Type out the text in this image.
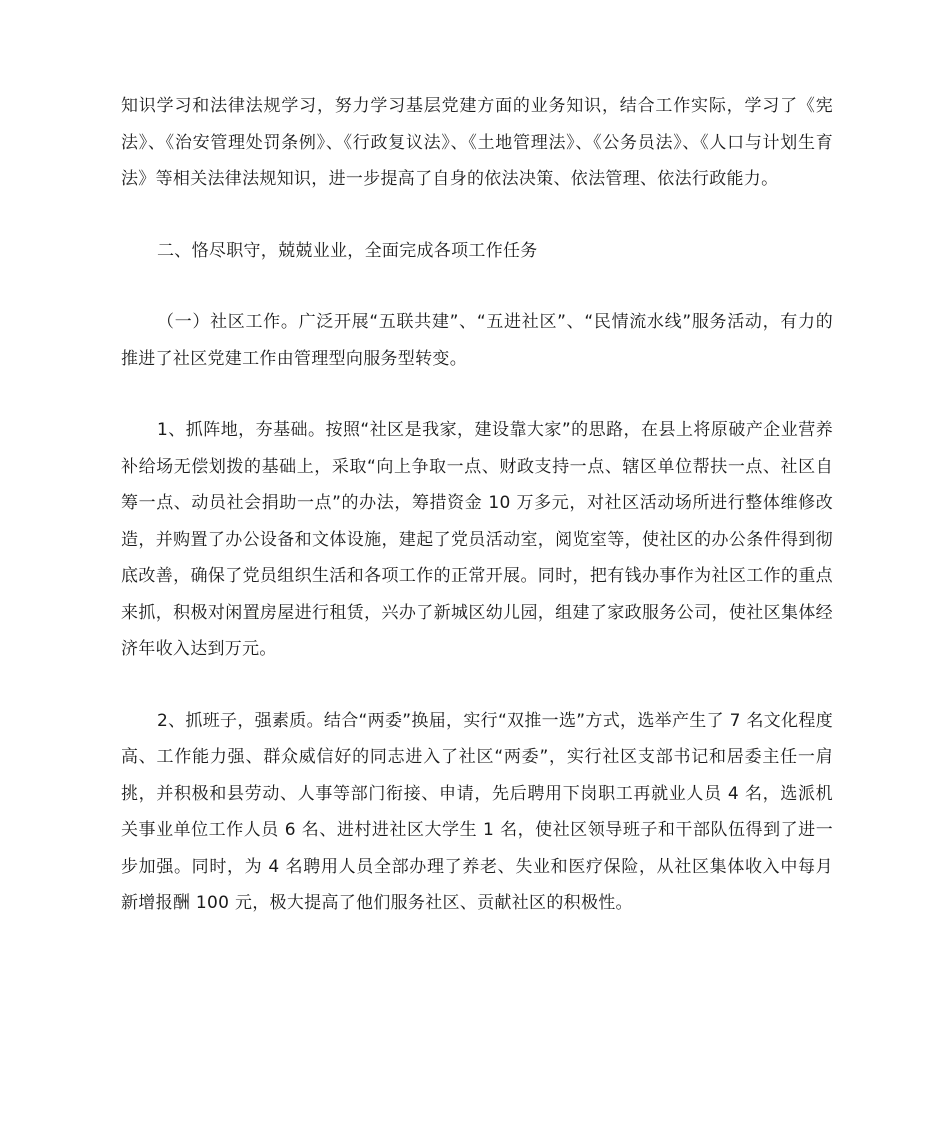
知识学习和法律法规学习，努力学习基层党建方面的业务知识，结合工作实际，学习了《宪法》、《治安管理处罚条例》、《行政复议法》、《土地管理法》、《公务员法》、《人口与计划生育法》等相关法律法规知识，进一步提高了自身的依法决策、依法管理、依法行政能力。

二、恪尽职守，兢兢业业，全面完成各项工作任务

（一）社区工作。广泛开展“五联共建”、“五进社区”、“民情流水线”服务活动，有力的推进了社区党建工作由管理型向服务型转变。

1、抓阵地，夯基础。按照“社区是我家，建设靠大家”的思路，在县上将原破产企业营养补给场无偿划拨的基础上，采取“向上争取一点、财政支持一点、辖区单位帮扶一点、社区自筹一点、动员社会捐助一点”的办法，筹措资金 10 万多元，对社区活动场所进行整体维修改造，并购置了办公设备和文体设施，建起了党员活动室，阅览室等，使社区的办公条件得到彻底改善，确保了党员组织生活和各项工作的正常开展。同时，把有钱办事作为社区工作的重点来抓，积极对闲置房屋进行租赁，兴办了新城区幼儿园，组建了家政服务公司，使社区集体经济年收入达到万元。

2、抓班子，强素质。结合“两委”换届，实行“双推一选”方式，选举产生了 7 名文化程度高、工作能力强、群众威信好的同志进入了社区“两委”，实行社区支部书记和居委主任一肩挑，并积极和县劳动、人事等部门衔接、申请，先后聘用下岗职工再就业人员 4 名，选派机关事业单位工作人员 6 名、进村进社区大学生 1 名，使社区领导班子和干部队伍得到了进一步加强。同时，为 4 名聘用人员全部办理了养老、失业和医疗保险，从社区集体收入中每月新增报酬 100 元，极大提高了他们服务社区、贡献社区的积极性。
